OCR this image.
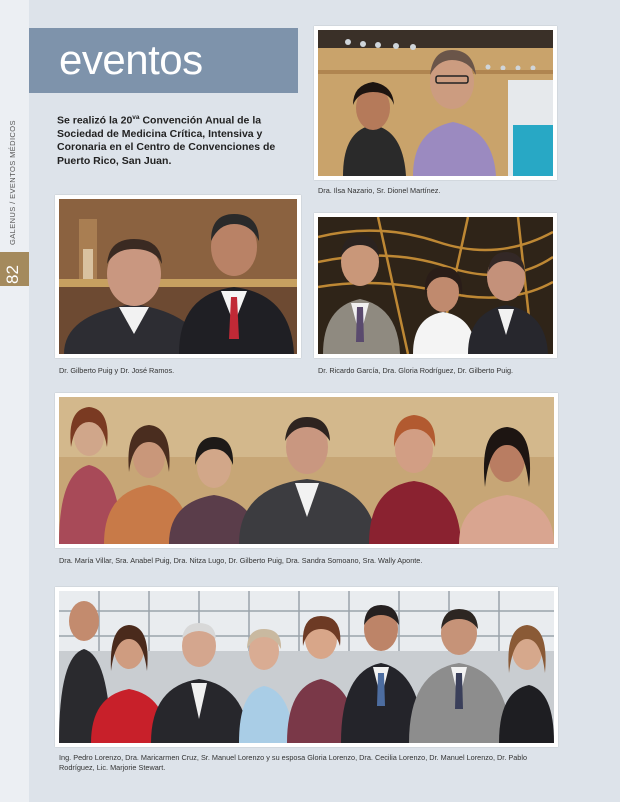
GALENUS / EVENTOS MÉDICOS
82
eventos
Se realizó la $20^{va}$ Convención Anual de la Sociedad de Medicina Crítica, Intensiva y Coronaria en el Centro de Convenciones de Puerto Rico, San Juan.
Dra. Ilsa Nazario, Sr. Dionel Martínez.
Dr. Gilberto Puig y Dr. José Ramos.	Dr. Ricardo García, Dra. Gloria Rodríguez, Dr. Gilberto Puig.
Dra. María Villar, Sra. Anabel Puig, Dra. Nitza Lugo, Dr. Gilberto Puig, Dra. Sandra Somoano, Sra. Wally Aponte.
Ing. Pedro Lorenzo, Dra. Maricarmen Cruz, Sr. Manuel Lorenzo y su esposa Gloria Lorenzo, Dra. Cecilia Lorenzo, Dr. Manuel Lorenzo, Dr. Pablo Rodríguez, Lic. Marjorie Stewart.
